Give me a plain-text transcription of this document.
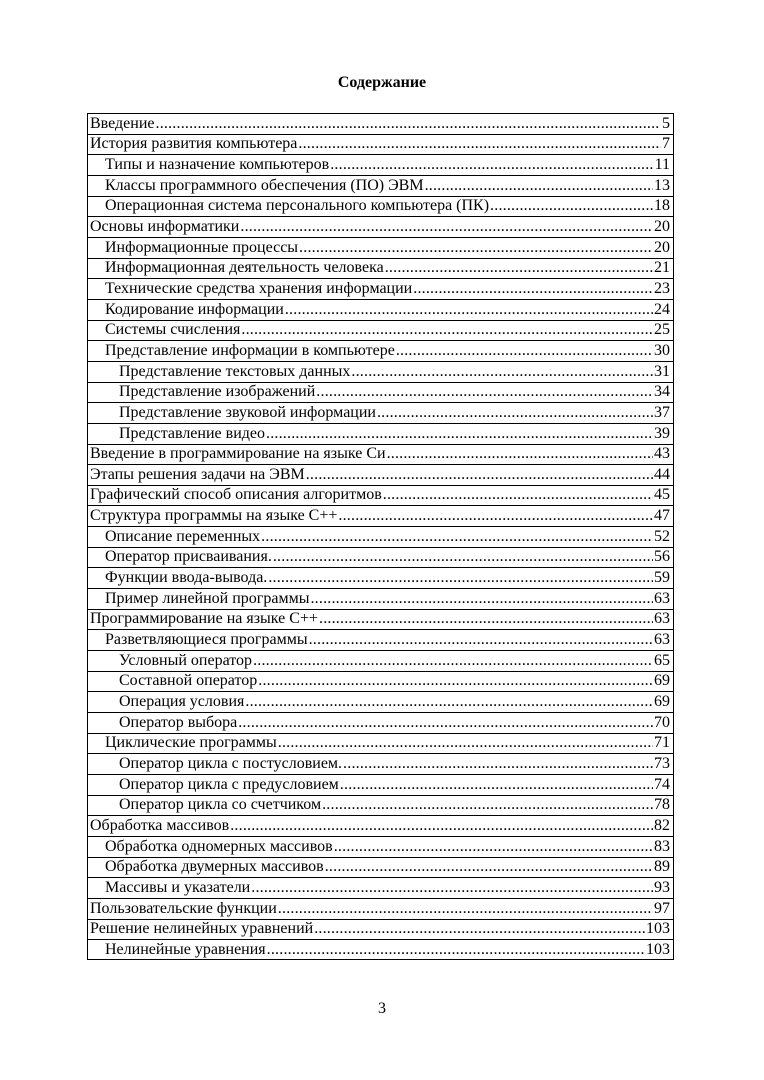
Содержание
Введение .....	5
История развития компьютера .....	7
Типы и назначение компьютеров .....	11
Классы программного обеспечения (ПО) ЭВМ .....	13
Операционная система персонального компьютера (ПК) .....	18
Основы информатики .....	20
Информационные процессы .....	20
Информационная деятельность человека .....	21
Технические средства хранения информации .....	23
Кодирование информации .....	24
Системы счисления .....	25
Представление информации в компьютере .....	30
Представление текстовых данных .....	31
Представление изображений .....	34
Представление звуковой информации .....	37
Представление видео .....	39
Введение в программирование на языке Си .....	43
Этапы решения задачи на ЭВМ .....	44
Графический способ описания алгоритмов .....	45
Структура программы на языке С++ .....	47
Описание переменных .....	52
Оператор присваивания. .....	56
Функции ввода-вывода. .....	59
Пример линейной программы .....	63
Программирование на языке С++ .....	63
Разветвляющиеся программы .....	63
Условный оператор .....	65
Составной оператор .....	69
Операция условия .....	69
Оператор выбора .....	70
Циклические программы .....	71
Оператор цикла с постусловием. .....	73
Оператор цикла с предусловием .....	74
Оператор цикла со счетчиком .....	78
Обработка массивов .....	82
Обработка одномерных массивов .....	83
Обработка двумерных массивов .....	89
Массивы и указатели .....	93
Пользовательские функции .....	97
Решение нелинейных уравнений .....	103
Нелинейные уравнения .....	103
3
